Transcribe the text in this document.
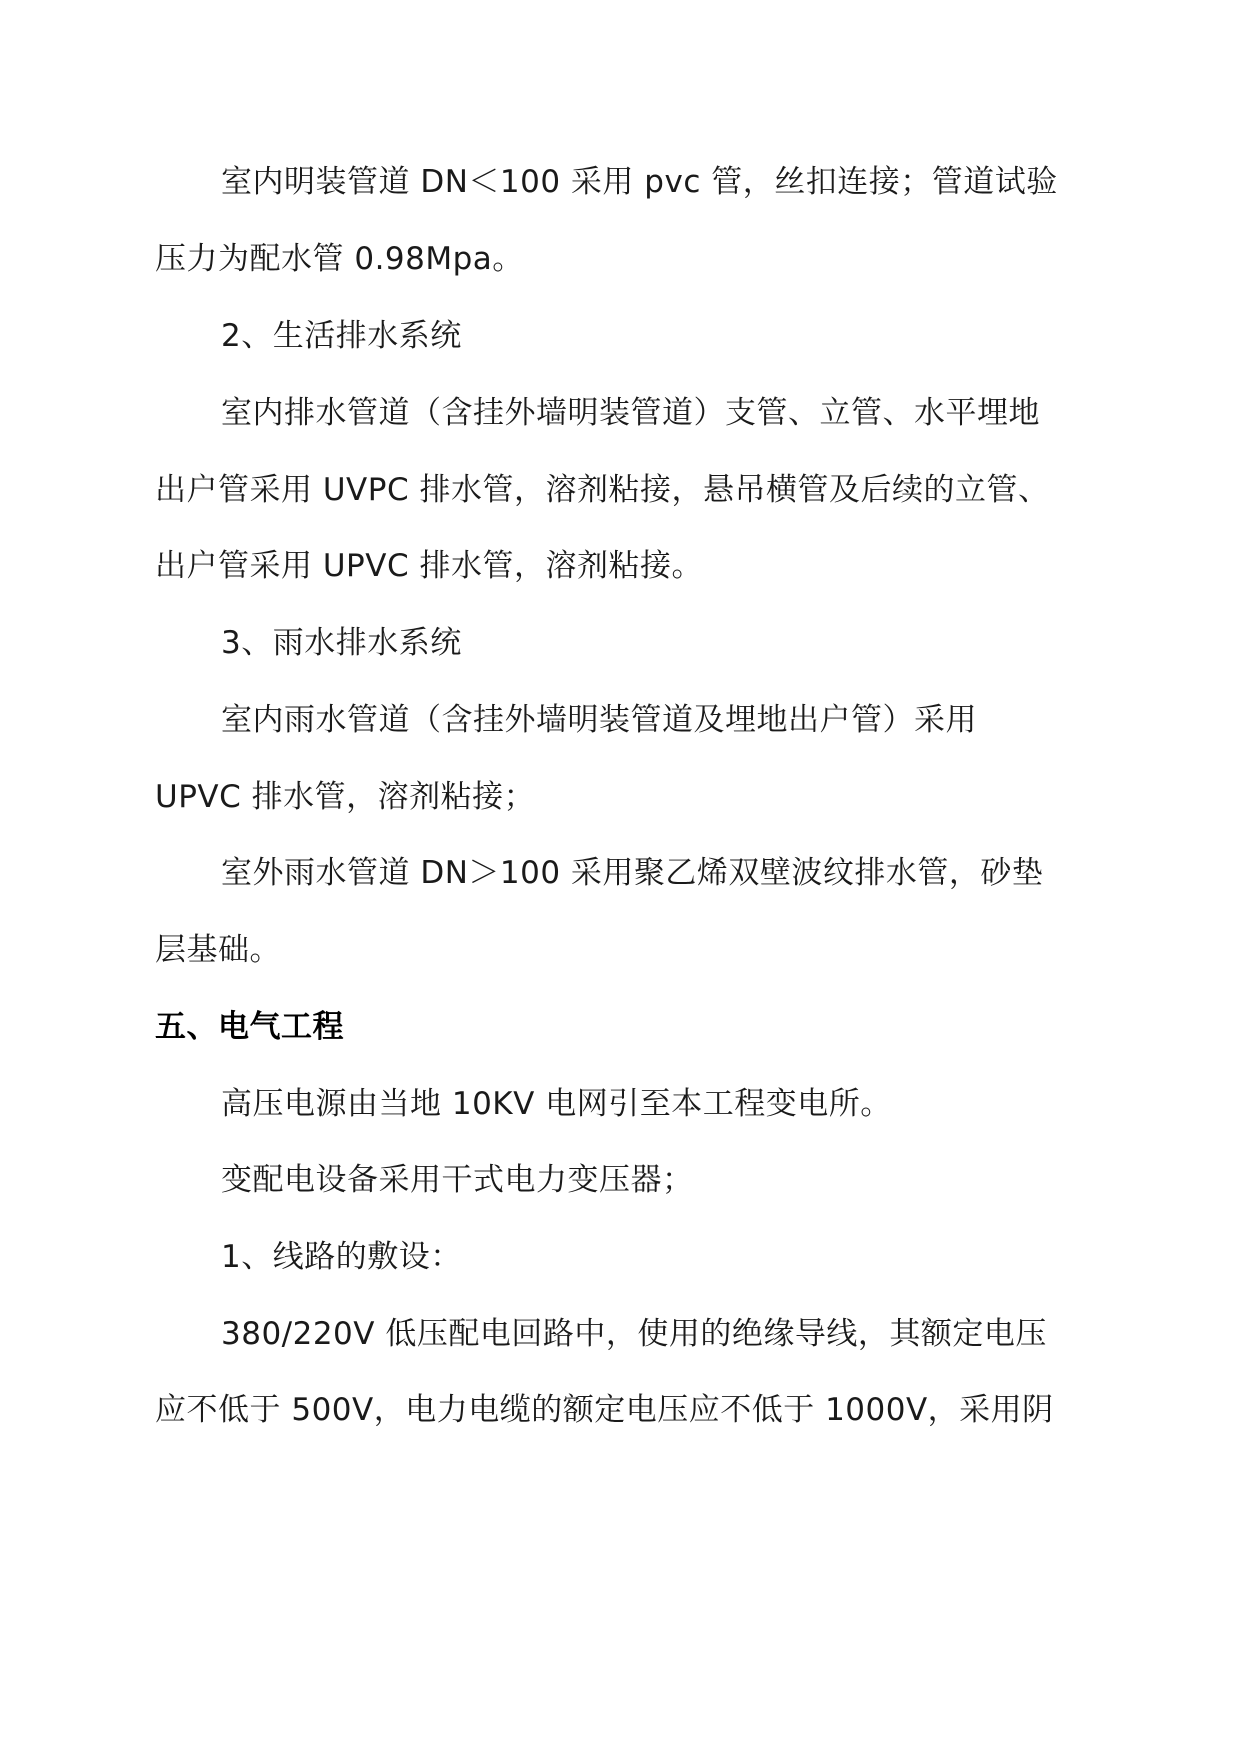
室内明装管道 DN＜100 采用 pvc 管，丝扣连接；管道试验
压力为配水管 0.98Mpa。
2、生活排水系统
室内排水管道（含挂外墙明装管道）支管、立管、水平埋地
出户管采用 UVPC 排水管，溶剂粘接，悬吊横管及后续的立管、
出户管采用 UPVC 排水管，溶剂粘接。
3、雨水排水系统
室内雨水管道（含挂外墙明装管道及埋地出户管）采用
UPVC 排水管，溶剂粘接；
室外雨水管道 DN＞100 采用聚乙烯双壁波纹排水管，砂垫
层基础。
五、电气工程
高压电源由当地 10KV 电网引至本工程变电所。
变配电设备采用干式电力变压器；
1、线路的敷设：
380/220V 低压配电回路中，使用的绝缘导线，其额定电压
应不低于 500V，电力电缆的额定电压应不低于 1000V，采用阴
